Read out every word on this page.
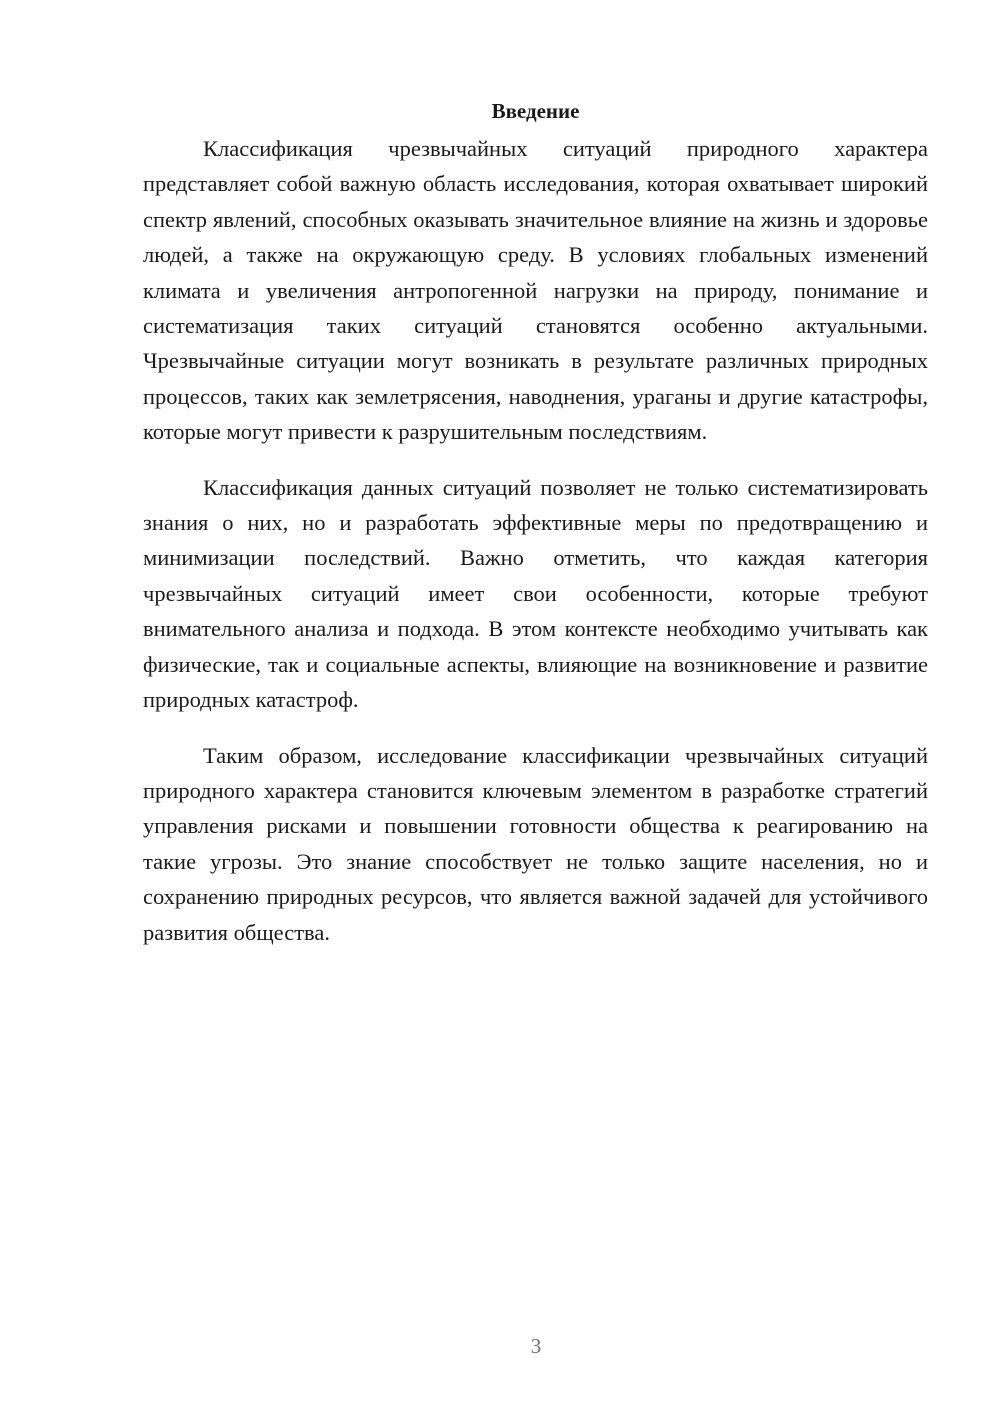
Введение

Классификация чрезвычайных ситуаций природного характера представляет собой важную область исследования, которая охватывает широкий спектр явлений, способных оказывать значительное влияние на жизнь и здоровье людей, а также на окружающую среду. В условиях глобальных изменений климата и увеличения антропогенной нагрузки на природу, понимание и систематизация таких ситуаций становятся особенно актуальными. Чрезвычайные ситуации могут возникать в результате различных природных процессов, таких как землетрясения, наводнения, ураганы и другие катастрофы, которые могут привести к разрушительным последствиям.

Классификация данных ситуаций позволяет не только систематизировать знания о них, но и разработать эффективные меры по предотвращению и минимизации последствий. Важно отметить, что каждая категория чрезвычайных ситуаций имеет свои особенности, которые требуют внимательного анализа и подхода. В этом контексте необходимо учитывать как физические, так и социальные аспекты, влияющие на возникновение и развитие природных катастроф.

Таким образом, исследование классификации чрезвычайных ситуаций природного характера становится ключевым элементом в разработке стратегий управления рисками и повышении готовности общества к реагированию на такие угрозы. Это знание способствует не только защите населения, но и сохранению природных ресурсов, что является важной задачей для устойчивого развития общества.

3
